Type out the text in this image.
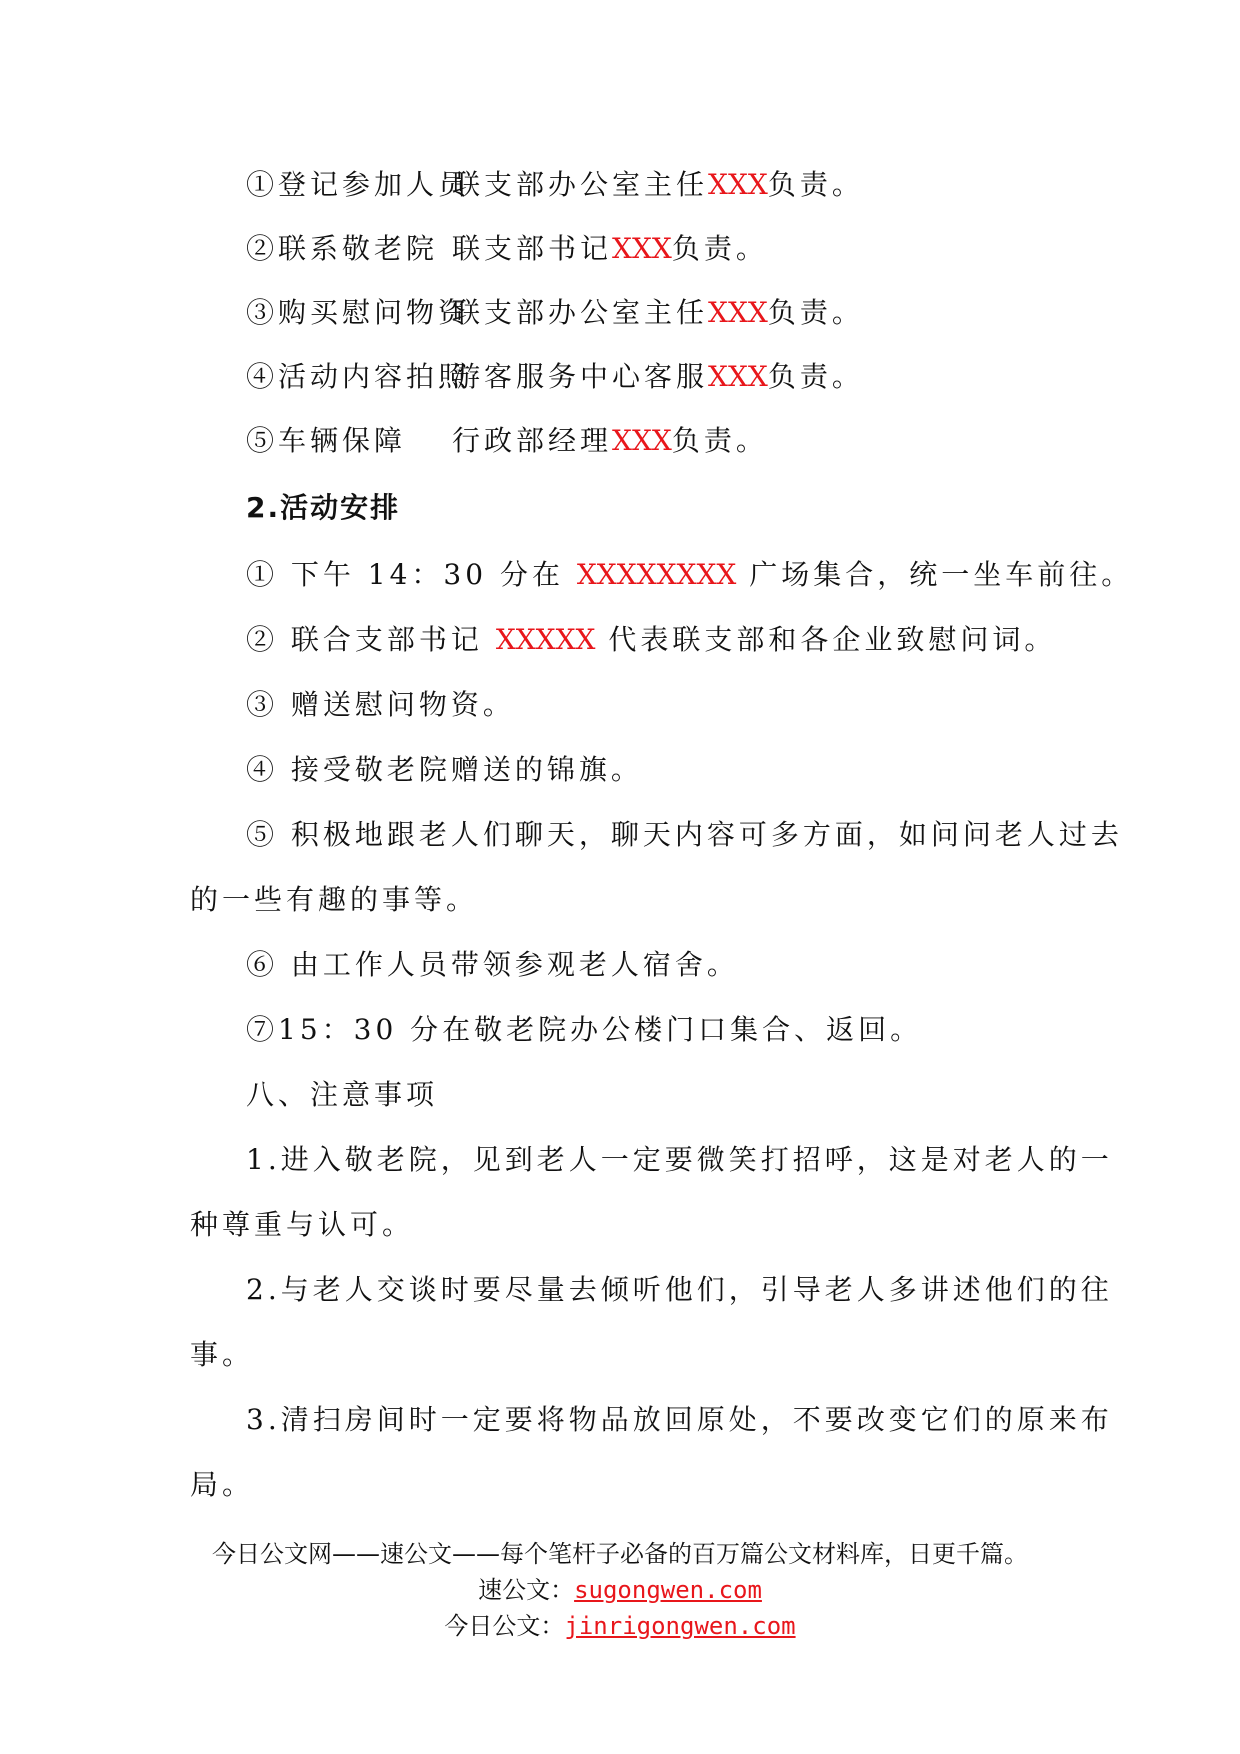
①登记参加人员联支部办公室主任XXX负责。

②联系敬老院 联支部书记XXX负责。

③购买慰问物资联支部办公室主任XXX负责。

④活动内容拍照游客服务中心客服XXX负责。

⑤车辆保障 行政部经理XXX负责。

2.活动安排

① 下午 14：30 分在 XXXXXXXX 广场集合，统一坐车前往。

② 联合支部书记 XXXXX 代表联支部和各企业致慰问词。

③ 赠送慰问物资。

④ 接受敬老院赠送的锦旗。

⑤ 积极地跟老人们聊天，聊天内容可多方面，如问问老人过去

的一些有趣的事等。

⑥ 由工作人员带领参观老人宿舍。

⑦15：30 分在敬老院办公楼门口集合、返回。

八、注意事项

1.进入敬老院，见到老人一定要微笑打招呼，这是对老人的一

种尊重与认可。

2.与老人交谈时要尽量去倾听他们，引导老人多讲述他们的往

事。

3.清扫房间时一定要将物品放回原处，不要改变它们的原来布

局。

今日公文网——速公文——每个笔杆子必备的百万篇公文材料库，日更千篇。

速公文：sugongwen.com

今日公文：jinrigongwen.com
